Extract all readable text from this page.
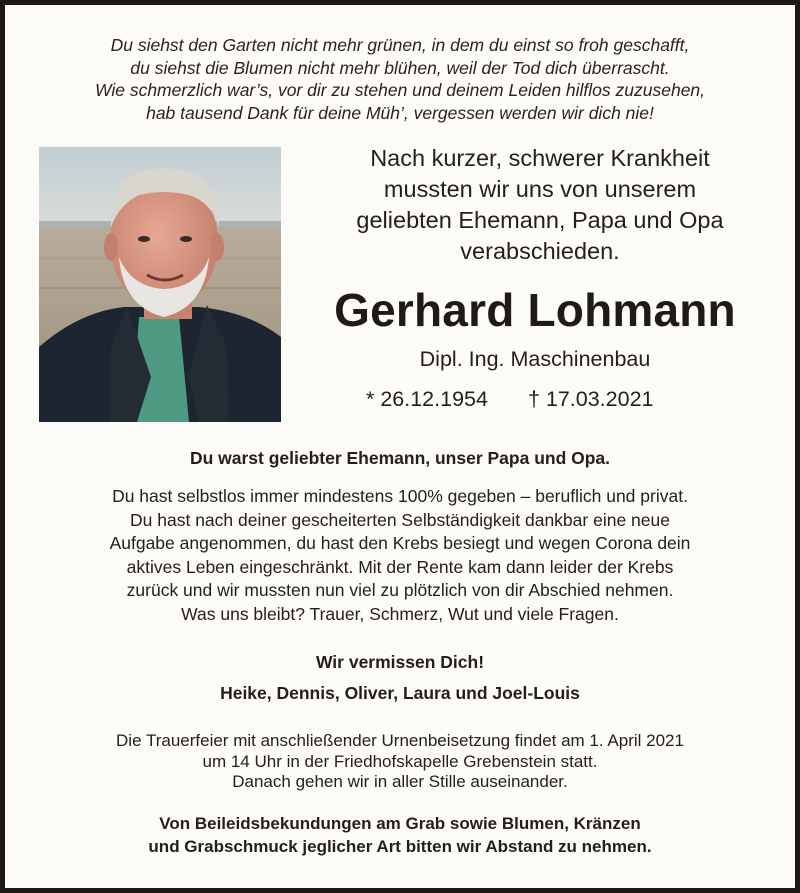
Du siehst den Garten nicht mehr grünen, in dem du einst so froh geschafft,
du siehst die Blumen nicht mehr blühen, weil der Tod dich überrascht.
Wie schmerzlich war’s, vor dir zu stehen und deinem Leiden hilflos zuzusehen,
hab tausend Dank für deine Müh’, vergessen werden wir dich nie!
Nach kurzer, schwerer Krankheit
mussten wir uns von unserem
geliebten Ehemann, Papa und Opa
verabschieden.
Gerhard Lohmann
Dipl. Ing. Maschinenbau
* 26.12.1954 † 17.03.2021
Du warst geliebter Ehemann, unser Papa und Opa.
Du hast selbstlos immer mindestens 100% gegeben – beruflich und privat.
Du hast nach deiner gescheiterten Selbständigkeit dankbar eine neue
Aufgabe angenommen, du hast den Krebs besiegt und wegen Corona dein
aktives Leben eingeschränkt. Mit der Rente kam dann leider der Krebs
zurück und wir mussten nun viel zu plötzlich von dir Abschied nehmen.
Was uns bleibt? Trauer, Schmerz, Wut und viele Fragen.
Wir vermissen Dich!
Heike, Dennis, Oliver, Laura und Joel-Louis
Die Trauerfeier mit anschließender Urnenbeisetzung findet am 1. April 2021
um 14 Uhr in der Friedhofskapelle Grebenstein statt.
Danach gehen wir in aller Stille auseinander.
Von Beileidsbekundungen am Grab sowie Blumen, Kränzen
und Grabschmuck jeglicher Art bitten wir Abstand zu nehmen.
